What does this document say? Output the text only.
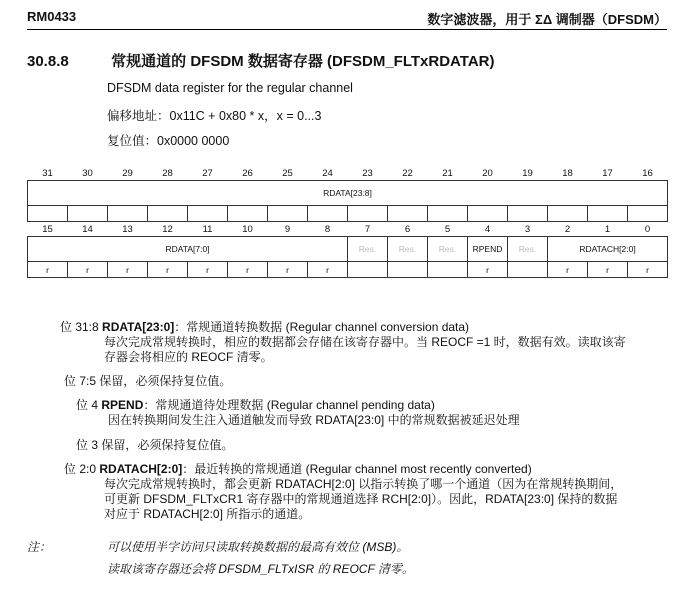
RM0433	数字滤波器，用于 ΣΔ 调制器（DFSDM）
30.8.8	常规通道的 DFSDM 数据寄存器 (DFSDM_FLTxRDATAR)
DFSDM data register for the regular channel
偏移地址：0x11C + 0x80 * x，x = 0...3
复位值：0x0000 0000
31	30	29	28	27	26	25	24	23	22	21	20	19	18	17	16
RDATA[23:8]															

15	14	13	12	11	10	9	8	7	6	5	4	3	2	1	0
RDATA[7:0]								Res.	Res.	Res.	RPEND	Res.	RDATACH[2:0]		
r	r	r	r	r	r	r	r				r		r	r	r
位 31:8 RDATA[23:0]：常规通道转换数据 (Regular channel conversion data)
每次完成常规转换时，相应的数据都会存储在该寄存器中。当 REOCF =1 时，数据有效。读取该寄
存器会将相应的 REOCF 清零。
位 7:5 保留，必须保持复位值。
位 4 RPEND：常规通道待处理数据 (Regular channel pending data)
因在转换期间发生注入通道触发而导致 RDATA[23:0] 中的常规数据被延迟处理
位 3 保留，必须保持复位值。
位 2:0 RDATACH[2:0]：最近转换的常规通道 (Regular channel most recently converted)
每次完成常规转换时，都会更新 RDATACH[2:0] 以指示转换了哪一个通道（因为在常规转换期间，
可更新 DFSDM_FLTxCR1 寄存器中的常规通道选择 RCH[2:0]）。因此，RDATA[23:0] 保持的数据
对应于 RDATACH[2:0] 所指示的通道。
注：	可以使用半字访问只读取转换数据的最高有效位 (MSB)。
读取该寄存器还会将 DFSDM_FLTxISR 的 REOCF 清零。
